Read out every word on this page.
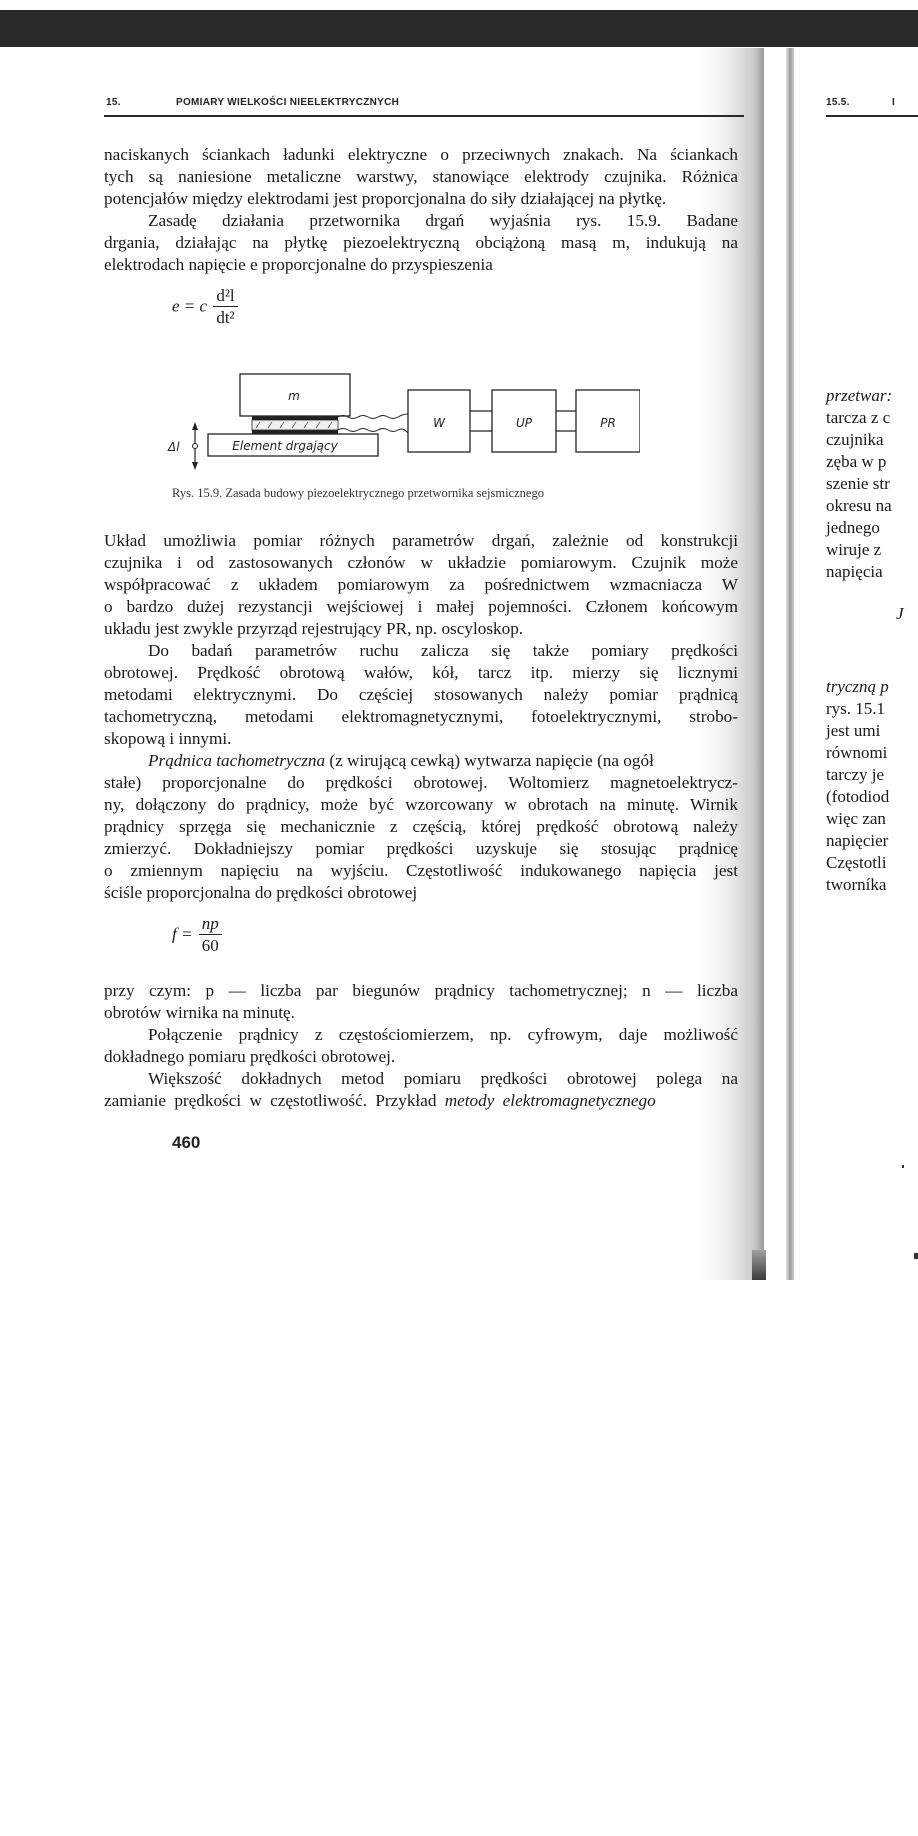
15.	POMIARY WIELKOŚCI NIEELEKTRYCZNYCH	15.5.	I
naciskanych ściankach ładunki elektryczne o przeciwnych znakach. Na ściankach
tych są naniesione metaliczne warstwy, stanowiące elektrody czujnika. Różnica
potencjałów między elektrodami jest proporcjonalna do siły działającej na płytkę.
Zasadę działania przetwornika drgań wyjaśnia rys. 15.9. Badane
drgania, działając na płytkę piezoelektryczną obciążoną masą m, indukują na
elektrodach napięcie e proporcjonalne do przyspieszenia
e = c $\frac{\text{d²l}}{\text{dt²}}$
m
Element drgający
Δl
W	UP	PR
Rys. 15.9. Zasada budowy piezoelektrycznego przetwornika sejsmicznego
Układ umożliwia pomiar różnych parametrów drgań, zależnie od konstrukcji
czujnika i od zastosowanych członów w układzie pomiarowym. Czujnik może
współpracować z układem pomiarowym za pośrednictwem wzmacniacza W
o bardzo dużej rezystancji wejściowej i małej pojemności. Członem końcowym
układu jest zwykle przyrząd rejestrujący PR, np. oscyloskop.
Do badań parametrów ruchu zalicza się także pomiary prędkości
obrotowej. Prędkość obrotową wałów, kół, tarcz itp. mierzy się licznymi
metodami elektrycznymi. Do częściej stosowanych należy pomiar prądnicą
tachometryczną, metodami elektromagnetycznymi, fotoelektrycznymi, strobo-
skopową i innymi.
Prądnica tachometryczna (z wirującą cewką) wytwarza napięcie (na ogół
stałe) proporcjonalne do prędkości obrotowej. Woltomierz magnetoelektrycz-
ny, dołączony do prądnicy, może być wzorcowany w obrotach na minutę. Wirnik
prądnicy sprzęga się mechanicznie z częścią, której prędkość obrotową należy
zmierzyć. Dokładniejszy pomiar prędkości uzyskuje się stosując prądnicę
o zmiennym napięciu na wyjściu. Częstotliwość indukowanego napięcia jest
ściśle proporcjonalna do prędkości obrotowej
$f = \frac{np}{60}$
przy czym: p — liczba par biegunów prądnicy tachometrycznej; n — liczba
obrotów wirnika na minutę.
Połączenie prądnicy z częstościomierzem, np. cyfrowym, daje możliwość
dokładnego pomiaru prędkości obrotowej.
Większość dokładnych metod pomiaru prędkości obrotowej polega na
zamianie prędkości w częstotliwość. Przykład metody elektromagnetycznego
460
przetwar:
tarcza z c
czujnika
zęba w p
szenie str
okresu na
jednego
wiruje z
napięcia
J
tryczną p
rys. 15.1
jest umi
równomi
tarczy je
(fotodiod
więc zan
napięcier
Częstotli
tworníka
